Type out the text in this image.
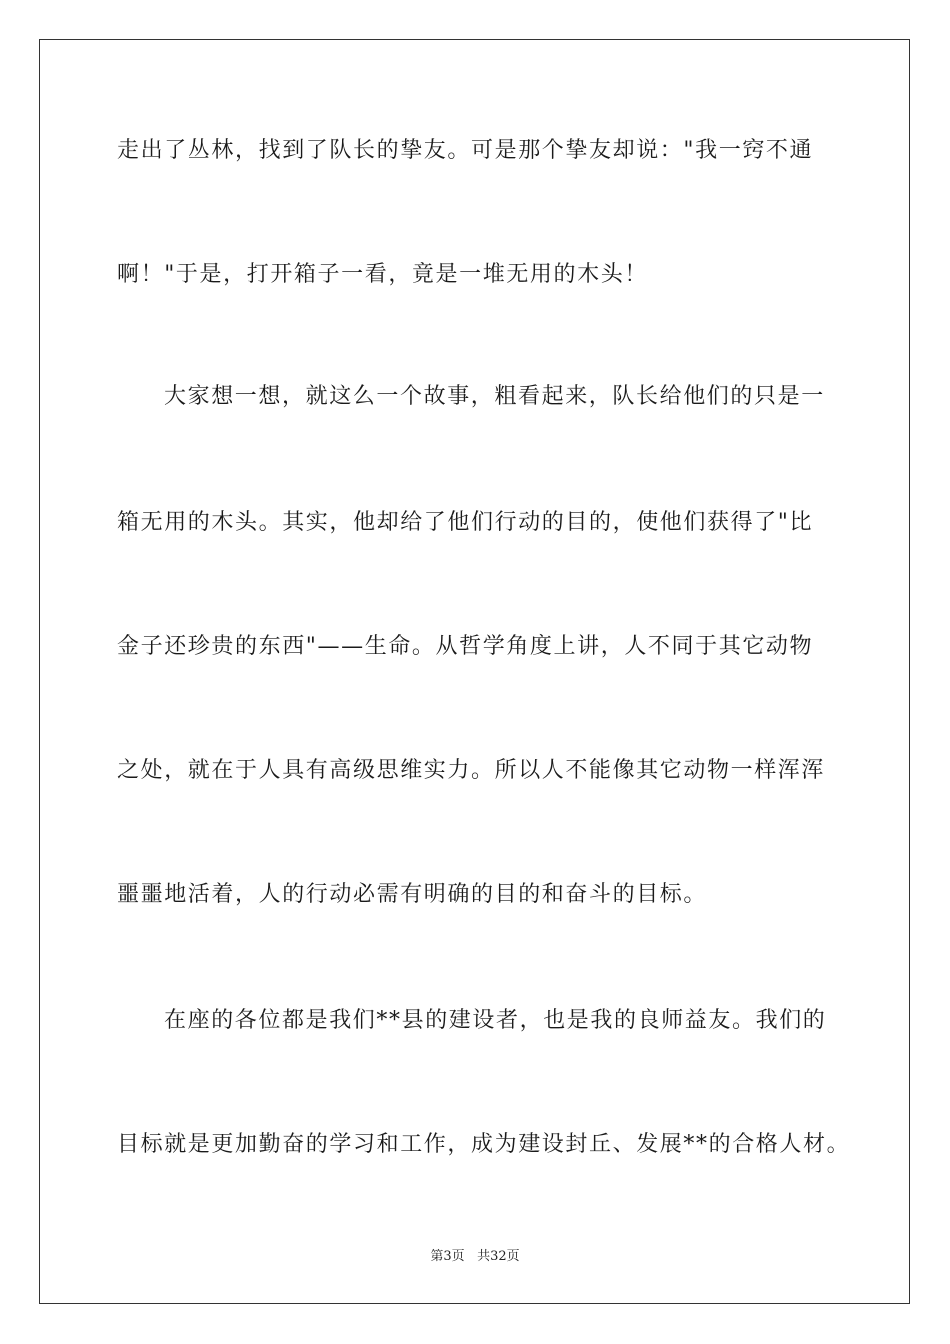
走出了丛林，找到了队长的挚友。可是那个挚友却说："我一窍不通
啊！"于是，打开箱子一看，竟是一堆无用的木头！
大家想一想，就这么一个故事，粗看起来，队长给他们的只是一
箱无用的木头。其实，他却给了他们行动的目的，使他们获得了"比
金子还珍贵的东西"——生命。从哲学角度上讲，人不同于其它动物
之处，就在于人具有高级思维实力。所以人不能像其它动物一样浑浑
噩噩地活着，人的行动必需有明确的目的和奋斗的目标。
在座的各位都是我们**县的建设者，也是我的良师益友。我们的
目标就是更加勤奋的学习和工作，成为建设封丘、发展**的合格人材。
第3页 共32页
